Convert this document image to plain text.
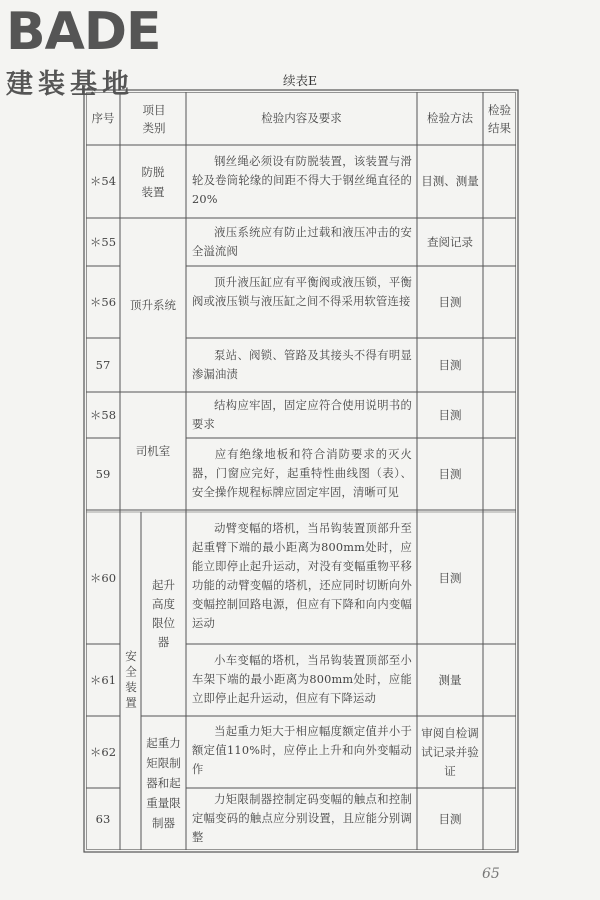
BADE
建装基地	续表E
序号
项目类别
检验内容及要求	检验方法
检验结果
防脱装置
顶升系统
司机室
安全装置
起升高度限位器
起重力矩限制器和起重量限制器
＊54
钢丝绳必须设有防脱装置，该装置与滑轮及卷筒轮缘的间距不得大于钢丝绳直径的20%
目测、测量
＊55
液压系统应有防止过载和液压冲击的安全溢流阀
查阅记录
＊56
顶升液压缸应有平衡阀或液压锁，平衡阀或液压锁与液压缸之间不得采用软管连接 目测
57
泵站、阀锁、管路及其接头不得有明显渗漏油渍
目测
＊58
结构应牢固，固定应符合使用说明书的要求
目测
59
应有绝缘地板和符合消防要求的灭火器，门窗应完好，起重特性曲线图（表）、安全操作规程标牌应固定牢固，清晰可见
目测
＊60
动臂变幅的塔机，当吊钩装置顶部升至起重臂下端的最小距离为800mm处时，应能立即停止起升运动，对没有变幅重物平移功能的动臂变幅的塔机，还应同时切断向外变幅控制回路电源，但应有下降和向内变幅运动
目测
＊61
小车变幅的塔机，当吊钩装置顶部至小车架下端的最小距离为800mm处时，应能立即停止起升运动，但应有下降运动
测量
＊62
当起重力矩大于相应幅度额定值并小于额定值110%时，应停止上升和向外变幅动作
审阅自检调试记录并验证
63
力矩限制器控制定码变幅的触点和控制定幅变码的触点应分别设置，且应能分别调整
目测
65
